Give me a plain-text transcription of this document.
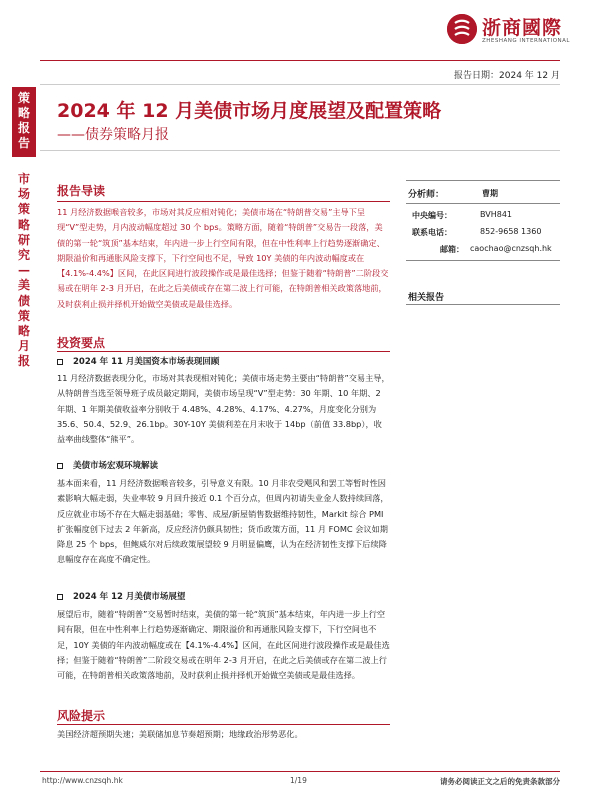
浙商國際
ZHESHANG INTERNATIONAL
报告日期：2024 年 12 月
策略报告
市场策略研究—美债策略月报
2024 年 12 月美债市场月度展望及配置策略
——债券策略月报
报告导读
11 月经济数据喉音较多，市场对其反应相对钝化；美债市场在“特朗普交易”主导下呈现“V”型走势，月内波动幅度超过 30 个 bps。策略方面，随着“特朗普”交易告一段落，美债的第一轮“筑顶”基本结束，年内进一步上行空间有限，但在中性利率上行趋势逐渐确定、期限溢价和再通胀风险支撑下，下行空间也不足，导致 10Y 美债的年内波动幅度或在【4.1%-4.4%】区间，在此区间进行波段操作或是最佳选择；但鉴于随着“特朗普”二阶段交易或在明年 2-3 月开启，在此之后美债或存在第二波上行可能，在特朗普相关政策落地前，及时获利止损并择机开始做空美债或是最佳选择。
投资要点
2024 年 11 月美国资本市场表现回顾
11 月经济数据表现分化，市场对其表现相对钝化；美债市场走势主要由“特朗普”交易主导，从特朗普当选至领导班子成员敲定期间，美债市场呈现“V”型走势：30 年期、10 年期、2 年期、1 年期美债收益率分别收于 4.48%、4.28%、4.17%、4.27%，月度变化分别为 35.6、50.4、52.9、26.1bp。30Y-10Y 美债利差在月末收于 14bp（前值 33.8bp），收益率曲线整体“熊平”。
美债市场宏观环境解读
基本面来看，11 月经济数据喉音较多，引导意义有限。10 月非农受飓风和罢工等暂时性因素影响大幅走弱，失业率较 9 月回升接近 0.1 个百分点，但周内初请失业金人数持续回落，反应就业市场不存在大幅走弱基础；零售、成屋/新屋销售数据维持韧性，Markit 综合 PMI 扩张幅度创下过去 2 年新高，反应经济仍颇具韧性；货币政策方面，11 月 FOMC 会议如期降息 25 个 bps，但鲍威尔对后续政策展望较 9 月明显偏鹰，认为在经济韧性支撑下后续降息幅度存在高度不确定性。
2024 年 12 月美债市场展望
展望后市，随着“特朗普”交易暂时结束，美债的第一轮“筑顶”基本结束，年内进一步上行空间有限，但在中性利率上行趋势逐渐确定、期限溢价和再通胀风险支撑下，下行空间也不足，10Y 美债的年内波动幅度或在【4.1%-4.4%】区间，在此区间进行波段操作或是最佳选择；但鉴于随着“特朗普”二阶段交易或在明年 2-3 月开启，在此之后美债或存在第二波上行可能，在特朗普相关政策落地前，及时获利止损并择机开始做空美债或是最佳选择。
风险提示
美国经济超预期失速；美联储加息节奏超预期；地缘政治形势恶化。
分析师：	曹期
中央编号：	BVH841
联系电话：	852-9658 1360
邮箱： caochao@cnzsqh.hk
相关报告
http://www.cnzsqh.hk	1/19	请务必阅读正文之后的免责条款部分
